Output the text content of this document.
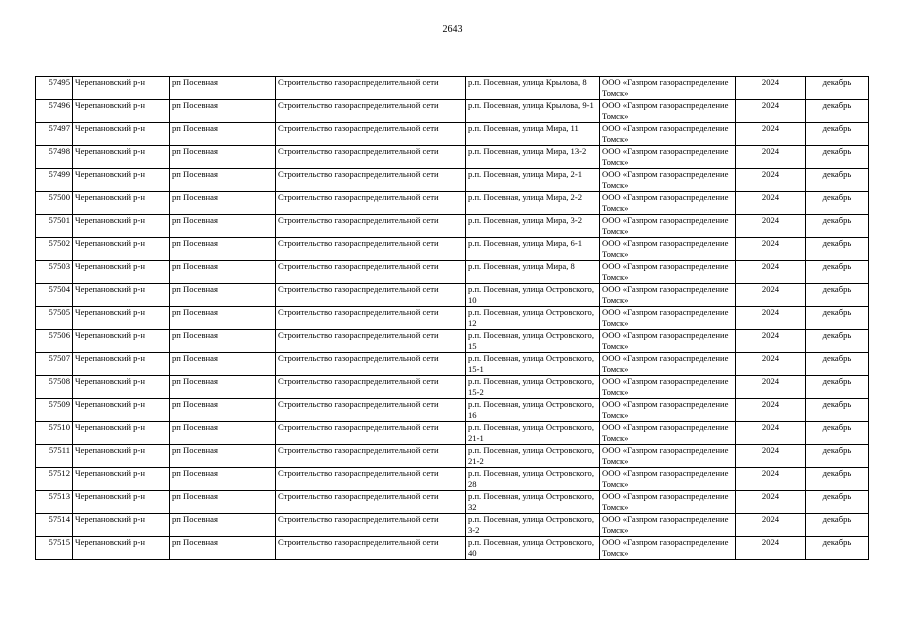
2643
57495	Черепановский р-н	рп Посевная	Строительство газораспределительной сети	р.п. Посевная, улица Крылова, 8	ООО «Газпром газораспределение Томск»	2024	декабрь
57496	Черепановский р-н	рп Посевная	Строительство газораспределительной сети	р.п. Посевная, улица Крылова, 9-1	ООО «Газпром газораспределение Томск»	2024	декабрь
57497	Черепановский р-н	рп Посевная	Строительство газораспределительной сети	р.п. Посевная, улица Мира, 11	ООО «Газпром газораспределение Томск»	2024	декабрь
57498	Черепановский р-н	рп Посевная	Строительство газораспределительной сети	р.п. Посевная, улица Мира, 13-2	ООО «Газпром газораспределение Томск»	2024	декабрь
57499	Черепановский р-н	рп Посевная	Строительство газораспределительной сети	р.п. Посевная, улица Мира, 2-1	ООО «Газпром газораспределение Томск»	2024	декабрь
57500	Черепановский р-н	рп Посевная	Строительство газораспределительной сети	р.п. Посевная, улица Мира, 2-2	ООО «Газпром газораспределение Томск»	2024	декабрь
57501	Черепановский р-н	рп Посевная	Строительство газораспределительной сети	р.п. Посевная, улица Мира, 3-2	ООО «Газпром газораспределение Томск»	2024	декабрь
57502	Черепановский р-н	рп Посевная	Строительство газораспределительной сети	р.п. Посевная, улица Мира, 6-1	ООО «Газпром газораспределение Томск»	2024	декабрь
57503	Черепановский р-н	рп Посевная	Строительство газораспределительной сети	р.п. Посевная, улица Мира, 8	ООО «Газпром газораспределение Томск»	2024	декабрь
57504	Черепановский р-н	рп Посевная	Строительство газораспределительной сети	р.п. Посевная, улица Островского, 10	ООО «Газпром газораспределение Томск»	2024	декабрь
57505	Черепановский р-н	рп Посевная	Строительство газораспределительной сети	р.п. Посевная, улица Островского, 12	ООО «Газпром газораспределение Томск»	2024	декабрь
57506	Черепановский р-н	рп Посевная	Строительство газораспределительной сети	р.п. Посевная, улица Островского, 15	ООО «Газпром газораспределение Томск»	2024	декабрь
57507	Черепановский р-н	рп Посевная	Строительство газораспределительной сети	р.п. Посевная, улица Островского, 15-1	ООО «Газпром газораспределение Томск»	2024	декабрь
57508	Черепановский р-н	рп Посевная	Строительство газораспределительной сети	р.п. Посевная, улица Островского, 15-2	ООО «Газпром газораспределение Томск»	2024	декабрь
57509	Черепановский р-н	рп Посевная	Строительство газораспределительной сети	р.п. Посевная, улица Островского, 16	ООО «Газпром газораспределение Томск»	2024	декабрь
57510	Черепановский р-н	рп Посевная	Строительство газораспределительной сети	р.п. Посевная, улица Островского, 21-1	ООО «Газпром газораспределение Томск»	2024	декабрь
57511	Черепановский р-н	рп Посевная	Строительство газораспределительной сети	р.п. Посевная, улица Островского, 21-2	ООО «Газпром газораспределение Томск»	2024	декабрь
57512	Черепановский р-н	рп Посевная	Строительство газораспределительной сети	р.п. Посевная, улица Островского, 28	ООО «Газпром газораспределение Томск»	2024	декабрь
57513	Черепановский р-н	рп Посевная	Строительство газораспределительной сети	р.п. Посевная, улица Островского, 32	ООО «Газпром газораспределение Томск»	2024	декабрь
57514	Черепановский р-н	рп Посевная	Строительство газораспределительной сети	р.п. Посевная, улица Островского, 3-2	ООО «Газпром газораспределение Томск»	2024	декабрь
57515	Черепановский р-н	рп Посевная	Строительство газораспределительной сети	р.п. Посевная, улица Островского, 40	ООО «Газпром газораспределение Томск»	2024	декабрь
